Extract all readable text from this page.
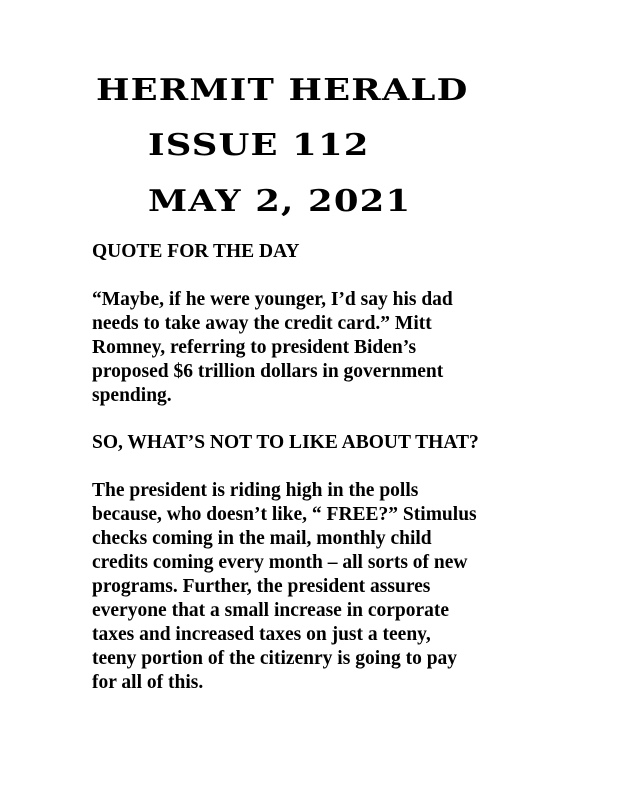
HERMIT HERALD
ISSUE 112
MAY 2, 2021

QUOTE FOR THE DAY

“Maybe, if he were younger, I’d say his dad
needs to take away the credit card.” Mitt
Romney, referring to president Biden’s
proposed $6 trillion dollars in government
spending.

SO, WHAT’S NOT TO LIKE ABOUT THAT?

The president is riding high in the polls
because, who doesn’t like, “ FREE?” Stimulus
checks coming in the mail, monthly child
credits coming every month – all sorts of new
programs. Further, the president assures
everyone that a small increase in corporate
taxes and increased taxes on just a teeny,
teeny portion of the citizenry is going to pay
for all of this.
